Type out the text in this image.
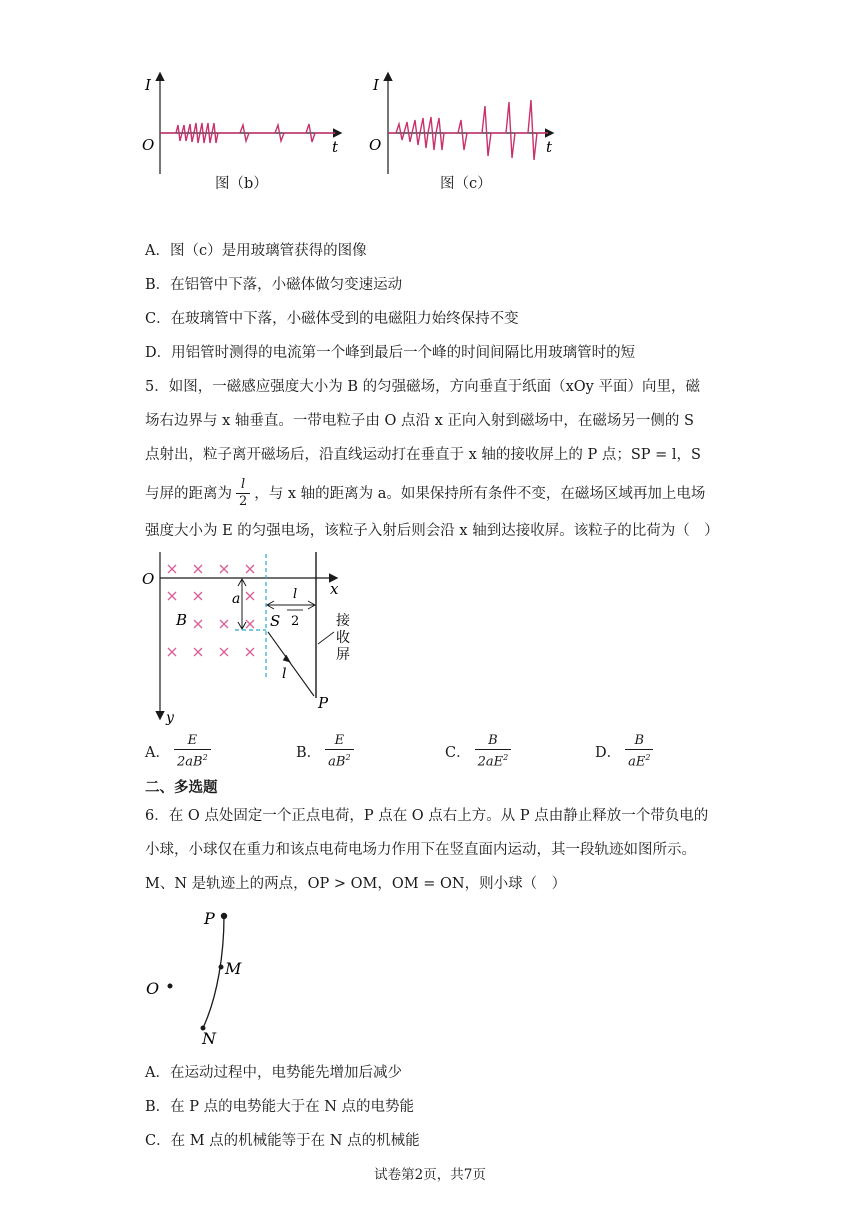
I
O	t
I
O	t
图（b）	图（c）
A．图（c）是用玻璃管获得的图像
B．在铝管中下落，小磁体做匀变速运动
C．在玻璃管中下落，小磁体受到的电磁阻力始终保持不变
D．用铝管时测得的电流第一个峰到最后一个峰的时间间隔比用玻璃管时的短
5．如图，一磁感应强度大小为 B 的匀强磁场，方向垂直于纸面（xOy 平面）向里，磁
场右边界与 x 轴垂直。一带电粒子由 O 点沿 x 正向入射到磁场中，在磁场另一侧的 S
点射出，粒子离开磁场后，沿直线运动打在垂直于 x 轴的接收屏上的 P 点；SP = l，S
与屏的距离为 $\frac{l}{2}$ ，与 x 轴的距离为 a。如果保持所有条件不变，在磁场区域再加上电场
强度大小为 E 的匀强电场，该粒子入射后则会沿 x 轴到达接收屏。该粒子的比荷为（　）
O
x
y
B
a	l
2
S
l
P
接
收
屏
A． $\frac{E}{2aB^2}$	B． $\frac{E}{aB^2}$	C． $\frac{B}{2aE^2}$	D． $\frac{B}{aE^2}$
二、多选题
6．在 O 点处固定一个正点电荷，P 点在 O 点右上方。从 P 点由静止释放一个带负电的
小球，小球仅在重力和该点电荷电场力作用下在竖直面内运动，其一段轨迹如图所示。
M、N 是轨迹上的两点，OP > OM，OM = ON，则小球（　）
O
P
M
N
A．在运动过程中，电势能先增加后减少
B．在 P 点的电势能大于在 N 点的电势能
C．在 M 点的机械能等于在 N 点的机械能
试卷第2页，共7页
